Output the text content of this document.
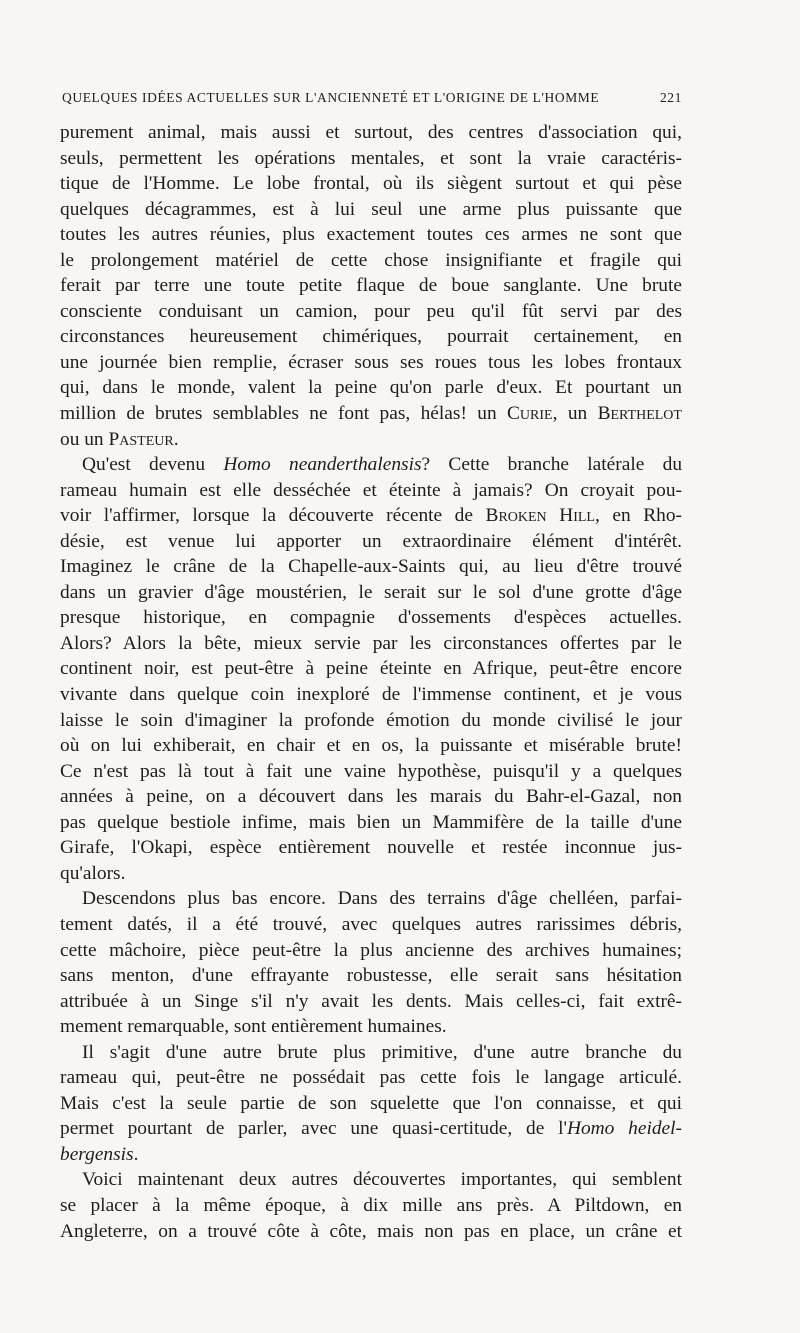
QUELQUES IDÉES ACTUELLES SUR L'ANCIENNETÉ ET L'ORIGINE DE L'HOMME	221

purement animal, mais aussi et surtout, des centres d'association qui,
seuls, permettent les opérations mentales, et sont la vraie caractéris-
tique de l'Homme. Le lobe frontal, où ils siègent surtout et qui pèse
quelques décagrammes, est à lui seul une arme plus puissante que
toutes les autres réunies, plus exactement toutes ces armes ne sont que
le prolongement matériel de cette chose insignifiante et fragile qui
ferait par terre une toute petite flaque de boue sanglante. Une brute
consciente conduisant un camion, pour peu qu'il fût servi par des
circonstances heureusement chimériques, pourrait certainement, en
une journée bien remplie, écraser sous ses roues tous les lobes frontaux
qui, dans le monde, valent la peine qu'on parle d'eux. Et pourtant un
million de brutes semblables ne font pas, hélas! un Curie, un Berthelot
ou un Pasteur.

Qu'est devenu Homo neanderthalensis? Cette branche latérale du
rameau humain est elle desséchée et éteinte à jamais? On croyait pou-
voir l'affirmer, lorsque la découverte récente de Broken Hill, en Rho-
désie, est venue lui apporter un extraordinaire élément d'intérêt.
Imaginez le crâne de la Chapelle-aux-Saints qui, au lieu d'être trouvé
dans un gravier d'âge moustérien, le serait sur le sol d'une grotte d'âge
presque historique, en compagnie d'ossements d'espèces actuelles.
Alors? Alors la bête, mieux servie par les circonstances offertes par le
continent noir, est peut-être à peine éteinte en Afrique, peut-être encore
vivante dans quelque coin inexploré de l'immense continent, et je vous
laisse le soin d'imaginer la profonde émotion du monde civilisé le jour
où on lui exhiberait, en chair et en os, la puissante et misérable brute!
Ce n'est pas là tout à fait une vaine hypothèse, puisqu'il y a quelques
années à peine, on a découvert dans les marais du Bahr-el-Gazal, non
pas quelque bestiole infime, mais bien un Mammifère de la taille d'une
Girafe, l'Okapi, espèce entièrement nouvelle et restée inconnue jus-
qu'alors.

Descendons plus bas encore. Dans des terrains d'âge chelléen, parfai-
tement datés, il a été trouvé, avec quelques autres rarissimes débris,
cette mâchoire, pièce peut-être la plus ancienne des archives humaines;
sans menton, d'une effrayante robustesse, elle serait sans hésitation
attribuée à un Singe s'il n'y avait les dents. Mais celles-ci, fait extrê-
mement remarquable, sont entièrement humaines.

Il s'agit d'une autre brute plus primitive, d'une autre branche du
rameau qui, peut-être ne possédait pas cette fois le langage articulé.
Mais c'est la seule partie de son squelette que l'on connaisse, et qui
permet pourtant de parler, avec une quasi-certitude, de l'Homo heidel-
bergensis.

Voici maintenant deux autres découvertes importantes, qui semblent
se placer à la même époque, à dix mille ans près. A Piltdown, en
Angleterre, on a trouvé côte à côte, mais non pas en place, un crâne et
